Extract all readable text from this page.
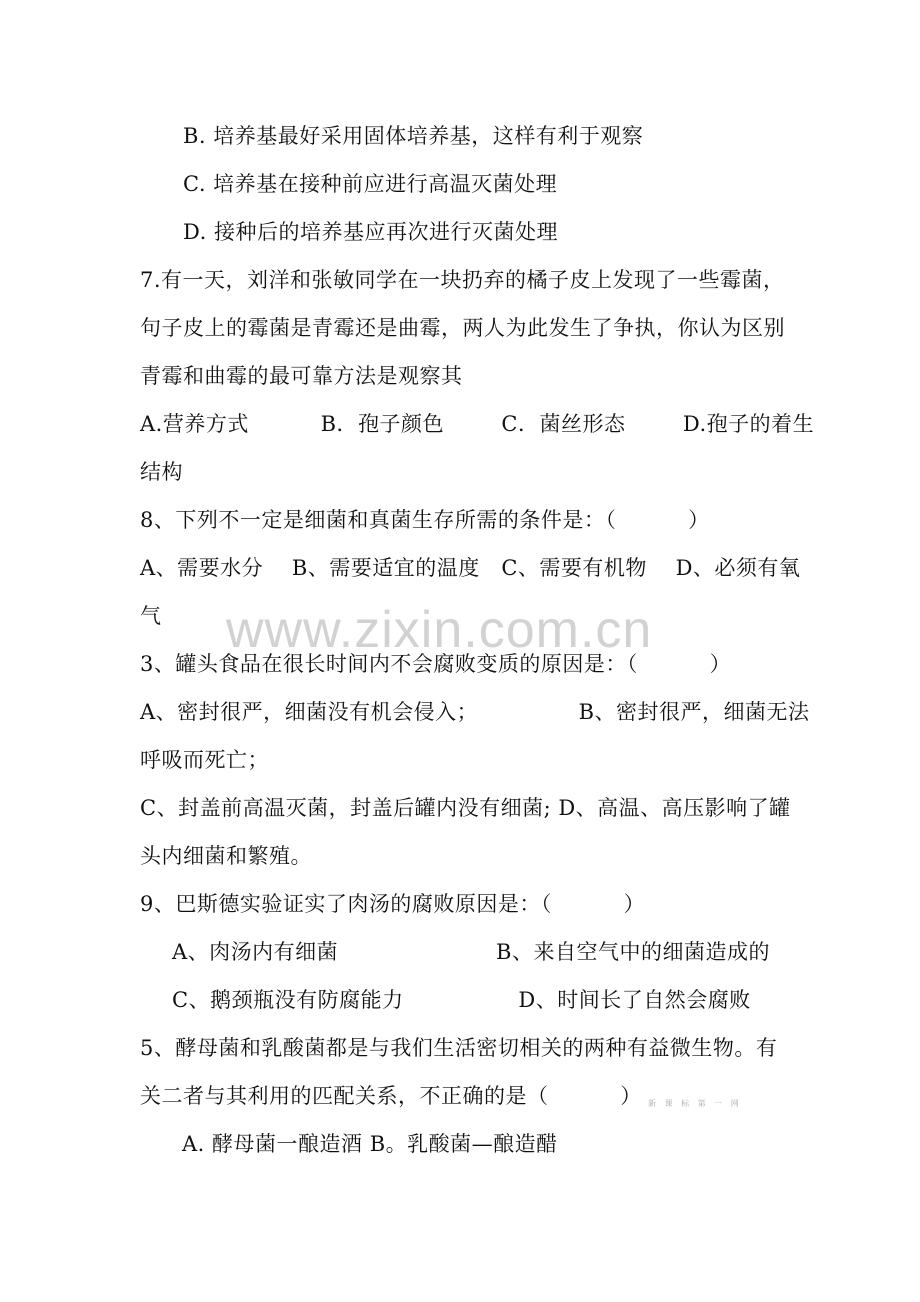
www.zixin.com.cn
B. 培养基最好采用固体培养基，这样有利于观察
C. 培养基在接种前应进行高温灭菌处理
D. 接种后的培养基应再次进行灭菌处理
7.有一天，刘洋和张敏同学在一块扔弃的橘子皮上发现了一些霉菌，
句子皮上的霉菌是青霉还是曲霉，两人为此发生了争执，你认为区别
青霉和曲霉的最可靠方法是观察其
A.营养方式          B．孢子颜色        C．菌丝形态        D.孢子的着生
结构
8、下列不一定是细菌和真菌生存所需的条件是：（          ）
A、需要水分    B、需要适宜的温度   C、需要有机物    D、必须有氧
气
3、罐头食品在很长时间内不会腐败变质的原因是：（          ）
A、密封很严，细菌没有机会侵入；              B、密封很严，细菌无法
呼吸而死亡；
C、封盖前高温灭菌，封盖后罐内没有细菌; D、高温、高压影响了罐
头内细菌和繁殖。
9、巴斯德实验证实了肉汤的腐败原因是：（          ）
A、肉汤内有细菌                      B、来自空气中的细菌造成的
C、鹅颈瓶没有防腐能力                D、时间长了自然会腐败
5、酵母菌和乳酸菌都是与我们生活密切相关的两种有益微生物。有
关二者与其利用的匹配关系，不正确的是（          ） 新 课 标 第 一 网
A. 酵母菌一酿造酒 B。乳酸菌—酿造醋
